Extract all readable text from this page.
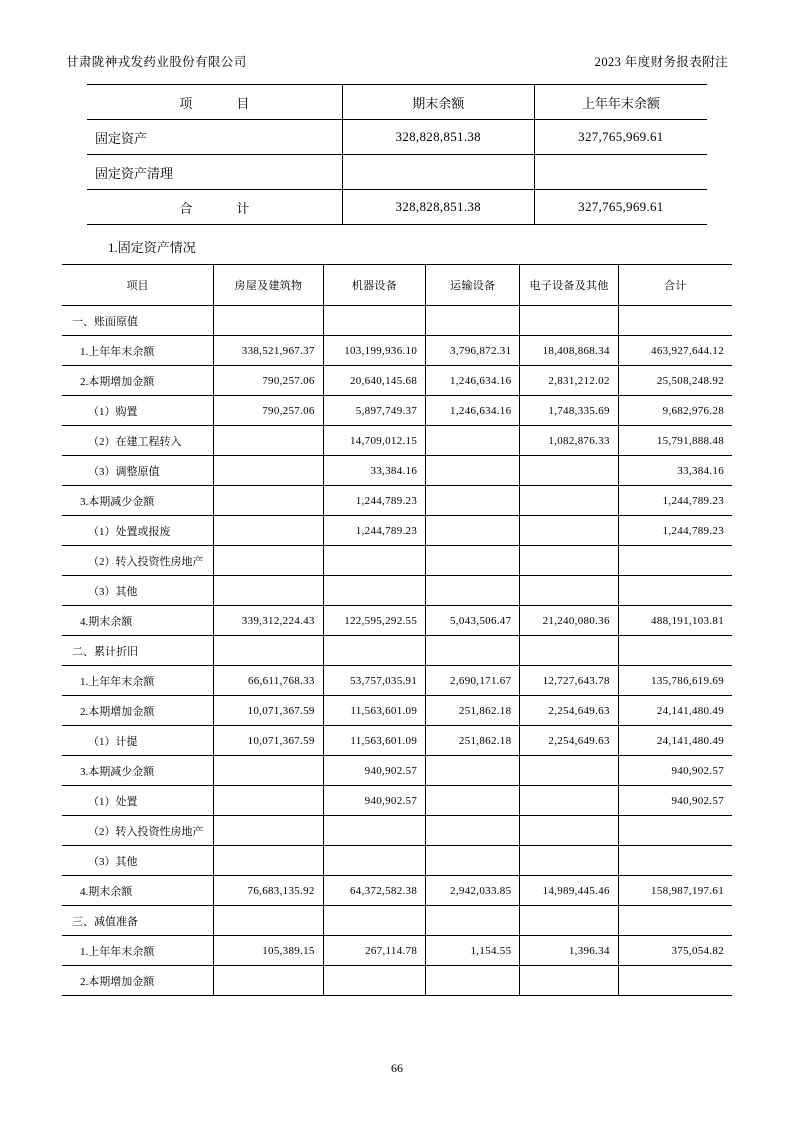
甘肃陇神戎发药业股份有限公司	2023 年度财务报表附注
项　　目	期末余额	上年年末余额
固定资产	328,828,851.38	327,765,969.61
固定资产清理		
合　　计	328,828,851.38	327,765,969.61
1.固定资产情况
项目	房屋及建筑物	机器设备	运输设备	电子设备及其他	合计
一、账面原值					
1.上年年末余额	338,521,967.37	103,199,936.10	3,796,872.31	18,408,868.34	463,927,644.12
2.本期增加金额	790,257.06	20,640,145.68	1,246,634.16	2,831,212.02	25,508,248.92
（1）购置	790,257.06	5,897,749.37	1,246,634.16	1,748,335.69	9,682,976.28
（2）在建工程转入		14,709,012.15		1,082,876.33	15,791,888.48
（3）调整原值		33,384.16			33,384.16
3.本期减少金额		1,244,789.23			1,244,789.23
（1）处置或报废		1,244,789.23			1,244,789.23
（2）转入投资性房地产					
（3）其他					
4.期末余额	339,312,224.43	122,595,292.55	5,043,506.47	21,240,080.36	488,191,103.81
二、累计折旧					
1.上年年末余额	66,611,768.33	53,757,035.91	2,690,171.67	12,727,643.78	135,786,619.69
2.本期增加金额	10,071,367.59	11,563,601.09	251,862.18	2,254,649.63	24,141,480.49
（1）计提	10,071,367.59	11,563,601.09	251,862.18	2,254,649.63	24,141,480.49
3.本期减少金额		940,902.57			940,902.57
（1）处置		940,902.57			940,902.57
（2）转入投资性房地产					
（3）其他					
4.期末余额	76,683,135.92	64,372,582.38	2,942,033.85	14,989,445.46	158,987,197.61
三、减值准备					
1.上年年末余额	105,389.15	267,114.78	1,154.55	1,396.34	375,054.82
2.本期增加金额					
66
